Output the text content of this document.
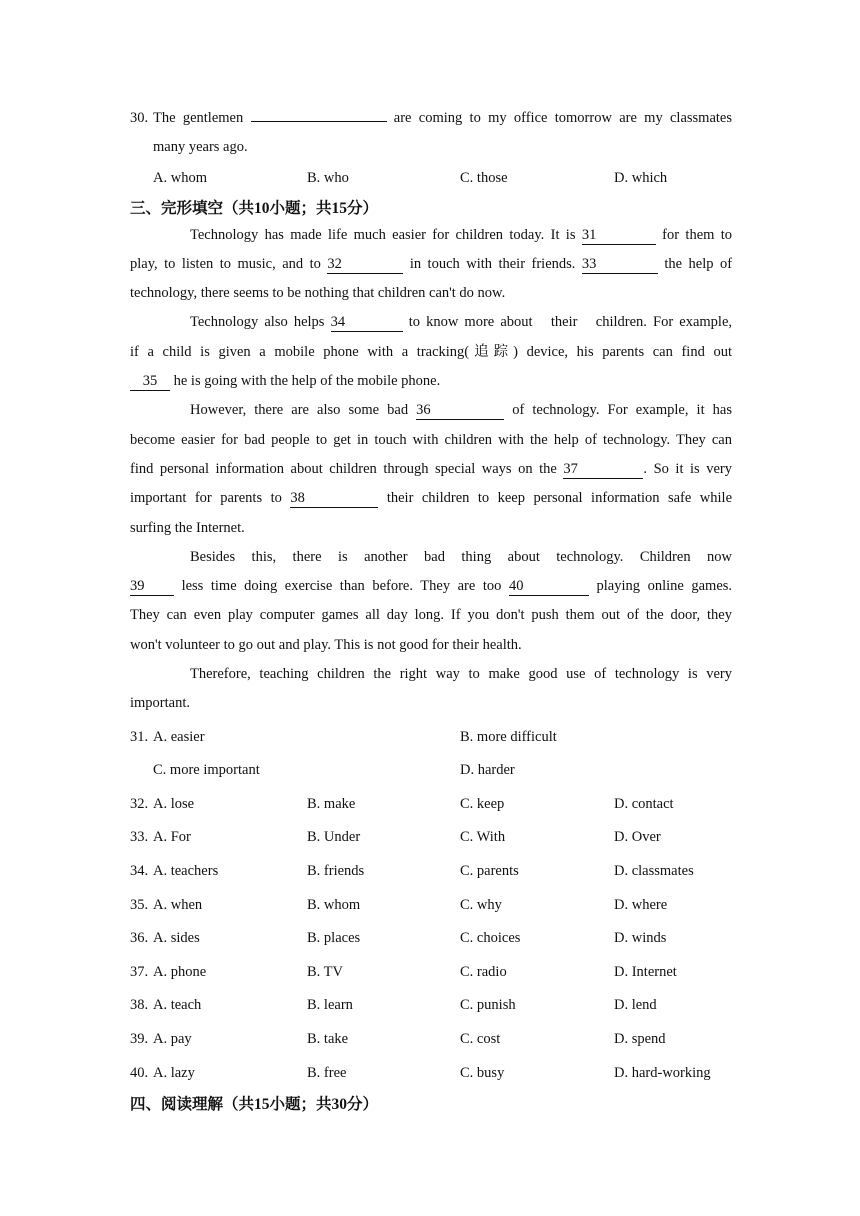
30. The gentlemen	are coming to my office tomorrow are my classmates
many years ago.
A. whom	B. who	C. those	D. which
三、完形填空（共10小题；共15分）
Technology has made life much easier for children today. It is 31	for them to
play, to listen to music, and to 32	in touch with their friends. 33	the help of
technology, there seems to be nothing that children can't do now.
Technology also helps 34	to know more about   their   children. For example,
if a child is given a mobile phone with a tracking(追踪) device, his parents can find out
35 he is going with the help of the mobile phone.
However, there are also some bad 36	of technology. For example, it has
become easier for bad people to get in touch with children with the help of technology. They can
find personal information about children through special ways on the 37	. So it is very
important for parents to 38	their children to keep personal information safe while
surfing the Internet.
Besides this, there is another bad thing about technology. Children now
39	less time doing exercise than before. They are too 40	playing online games.
They can even play computer games all day long. If you don't push them out of the door, they
won't volunteer to go out and play. This is not good for their health.
Therefore, teaching children the right way to make good use of technology is very
important.
31. A. easier	B. more difficult
C. more important	D. harder
32. A. lose	B. make	C. keep	D. contact
33. A. For	B. Under	C. With	D. Over
34. A. teachers	B. friends	C. parents	D. classmates
35. A. when	B. whom	C. why	D. where
36. A. sides	B. places	C. choices	D. winds
37. A. phone	B. TV	C. radio	D. Internet
38. A. teach	B. learn	C. punish	D. lend
39. A. pay	B. take	C. cost	D. spend
40. A. lazy	B. free	C. busy	D. hard-working
四、阅读理解（共15小题；共30分）
